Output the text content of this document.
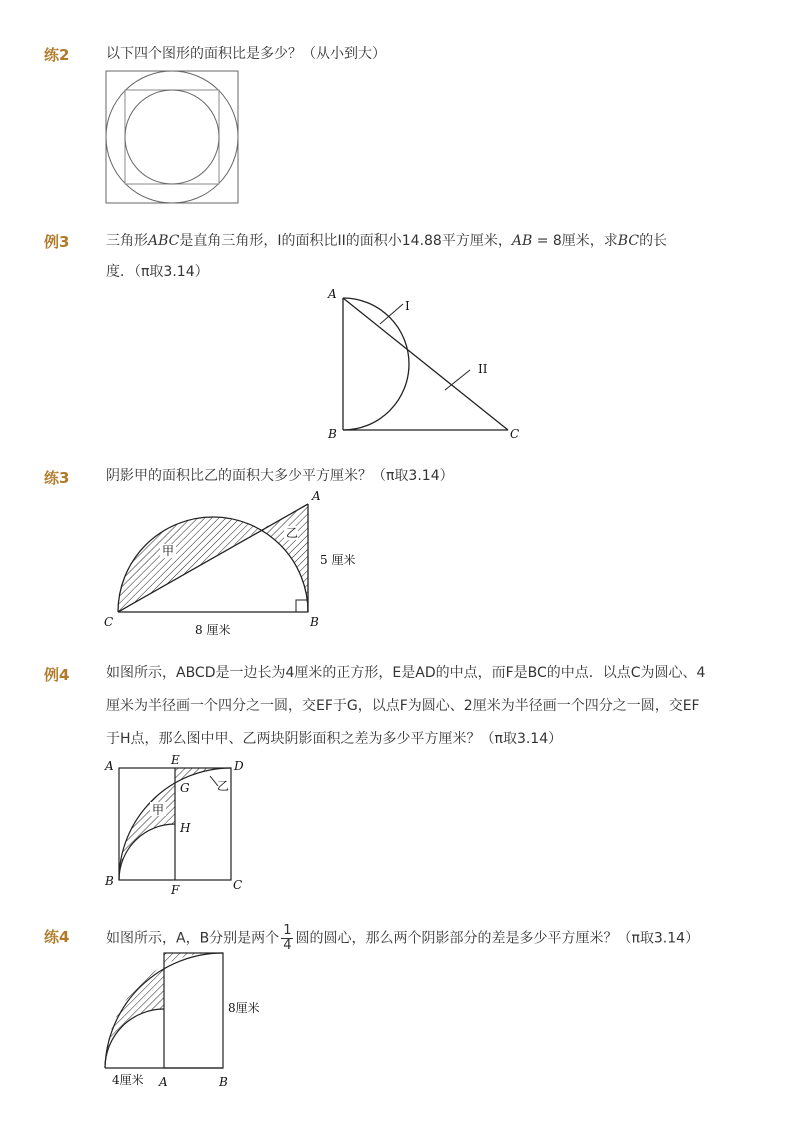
练2	以下四个图形的面积比是多少？（从小到大）
例3	三角形ABC是直角三角形，I的面积比II的面积小14.88平方厘米，AB = 8厘米，求BC的长
度．（π取3.14）
A
B	C
I
II
练3	阴影甲的面积比乙的面积大多少平方厘米？（π取3.14）
甲
乙
A
C	B
5 厘米
8 厘米
例4	如图所示，ABCD是一边长为4厘米的正方形，E是AD的中点，而F是BC的中点．以点C为圆心、4
厘米为半径画一个四分之一圆，交EF于G，以点F为圆心、2厘米为半径画一个四分之一圆，交EF
于H点，那么图中甲、乙两块阴影面积之差为多少平方厘米？（π取3.14）
甲
乙
A
B	C
D
E
F
G
H
练4	如图所示，A，B分别是两个 $\frac{1}{4}$ 圆的圆心，那么两个阴影部分的差是多少平方厘米？（π取3.14）
A	B
8厘米
4厘米
